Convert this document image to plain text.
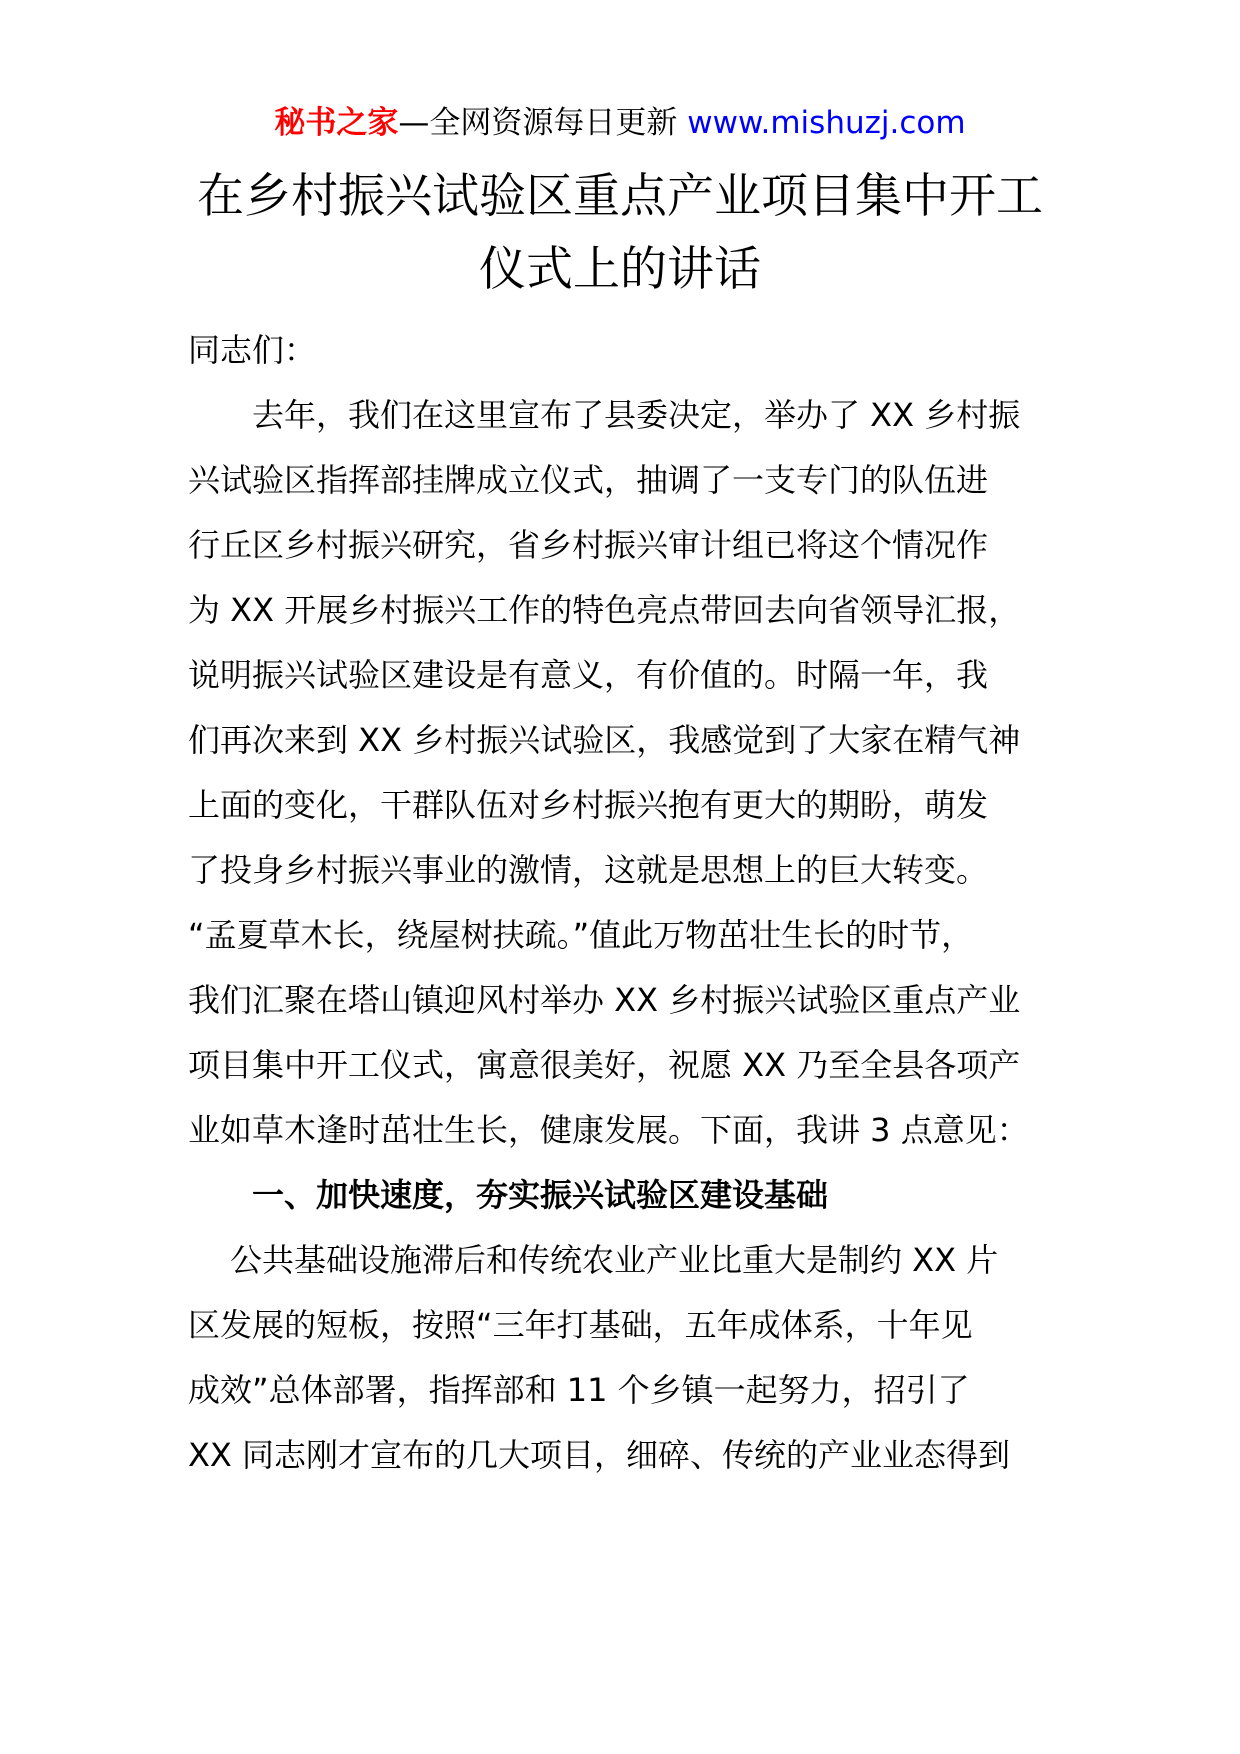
秘书之家—全网资源每日更新 www.mishuzj.com
在乡村振兴试验区重点产业项目集中开工
仪式上的讲话
同志们：
去年，我们在这里宣布了县委决定，举办了 XX 乡村振
兴试验区指挥部挂牌成立仪式，抽调了一支专门的队伍进
行丘区乡村振兴研究，省乡村振兴审计组已将这个情况作
为 XX 开展乡村振兴工作的特色亮点带回去向省领导汇报，
说明振兴试验区建设是有意义，有价值的。时隔一年，我
们再次来到 XX 乡村振兴试验区，我感觉到了大家在精气神
上面的变化，干群队伍对乡村振兴抱有更大的期盼，萌发
了投身乡村振兴事业的激情，这就是思想上的巨大转变。
“孟夏草木长，绕屋树扶疏。”值此万物茁壮生长的时节，
我们汇聚在塔山镇迎风村举办 XX 乡村振兴试验区重点产业
项目集中开工仪式，寓意很美好，祝愿 XX 乃至全县各项产
业如草木逢时茁壮生长，健康发展。下面，我讲 3 点意见：
一、加快速度，夯实振兴试验区建设基础
公共基础设施滞后和传统农业产业比重大是制约 XX 片
区发展的短板，按照“三年打基础，五年成体系，十年见
成效”总体部署，指挥部和 11 个乡镇一起努力，招引了
XX 同志刚才宣布的几大项目，细碎、传统的产业业态得到
